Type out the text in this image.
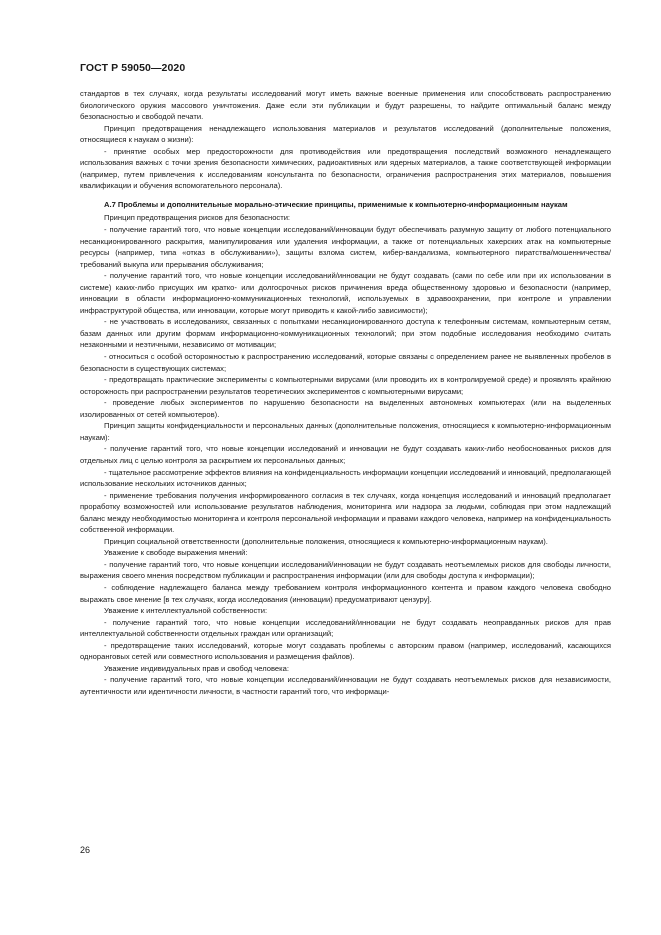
ГОСТ Р 59050—2020

стандартов в тех случаях, когда результаты исследований могут иметь важные военные применения или способствовать распространению биологического оружия массового уничтожения. Даже если эти публикации и будут разрешены, то найдите оптимальный баланс между безопасностью и свободой печати.

Принцип предотвращения ненадлежащего использования материалов и результатов исследований (дополнительные положения, относящиеся к наукам о жизни):

- принятие особых мер предосторожности для противодействия или предотвращения последствий возможного ненадлежащего использования важных с точки зрения безопасности химических, радиоактивных или ядерных материалов, а также соответствующей информации (например, путем привлечения к исследованиям консультанта по безопасности, ограничения распространения этих материалов, повышения квалификации и обучения вспомогательного персонала).

А.7 Проблемы и дополнительные морально-этические принципы, применимые к компьютерно-информационным наукам

Принцип предотвращения рисков для безопасности:

- получение гарантий того, что новые концепции исследований/инновации будут обеспечивать разумную защиту от любого потенциального несанкционированного раскрытия, манипулирования или удаления информации, а также от потенциальных хакерских атак на компьютерные ресурсы (например, типа «отказ в обслуживании»), защиты взлома систем, кибер-вандализма, компьютерного пиратства/мошенничества/требований выкупа или прерывания обслуживания;

- получение гарантий того, что новые концепции исследований/инновации не будут создавать (сами по себе или при их использовании в системе) каких-либо присущих им кратко- или долгосрочных рисков причинения вреда общественному здоровью и безопасности (например, инновации в области информационно-коммуникационных технологий, используемых в здравоохранении, при контроле и управлении инфраструктурой общества, или инновации, которые могут приводить к какой-либо зависимости);

- не участвовать в исследованиях, связанных с попытками несанкционированного доступа к телефонным системам, компьютерным сетям, базам данных или другим формам информационно-коммуникационных технологий; при этом подобные исследования необходимо считать незаконными и неэтичными, независимо от мотивации;

- относиться с особой осторожностью к распространению исследований, которые связаны с определением ранее не выявленных пробелов в безопасности в существующих системах;

- предотвращать практические эксперименты с компьютерными вирусами (или проводить их в контролируемой среде) и проявлять крайнюю осторожность при распространении результатов теоретических экспериментов с компьютерными вирусами;

- проведение любых экспериментов по нарушению безопасности на выделенных автономных компьютерах (или на выделенных изолированных от сетей компьютеров).

Принцип защиты конфиденциальности и персональных данных (дополнительные положения, относящиеся к компьютерно-информационным наукам):

- получение гарантий того, что новые концепции исследований и инновации не будут создавать каких-либо необоснованных рисков для отдельных лиц с целью контроля за раскрытием их персональных данных;

- тщательное рассмотрение эффектов влияния на конфиденциальность информации концепции исследований и инноваций, предполагающей использование нескольких источников данных;

- применение требования получения информированного согласия в тех случаях, когда концепция исследований и инноваций предполагает проработку возможностей или использование результатов наблюдения, мониторинга или надзора за людьми, соблюдая при этом надлежащий баланс между необходимостью мониторинга и контроля персональной информации и правами каждого человека, например на конфиденциальность собственной информации.

Принцип социальной ответственности (дополнительные положения, относящиеся к компьютерно-информационным наукам).

Уважение к свободе выражения мнений:

- получение гарантий того, что новые концепции исследований/инновации не будут создавать неотъемлемых рисков для свободы личности, выражения своего мнения посредством публикации и распространения информации (или для свободы доступа к информации);

- соблюдение надлежащего баланса между требованием контроля информационного контента и правом каждого человека свободно выражать свое мнение [в тех случаях, когда исследования (инновации) предусматривают цензуру].

Уважение к интеллектуальной собственности:

- получение гарантий того, что новые концепции исследований/инновации не будут создавать неоправданных рисков для прав интеллектуальной собственности отдельных граждан или организаций;

- предотвращение таких исследований, которые могут создавать проблемы с авторским правом (например, исследований, касающихся одноранговых сетей или совместного использования и размещения файлов).

Уважение индивидуальных прав и свобод человека:

- получение гарантий того, что новые концепции исследований/инновации не будут создавать неотъемлемых рисков для независимости, аутентичности или идентичности личности, в частности гарантий того, что информаци-

26
